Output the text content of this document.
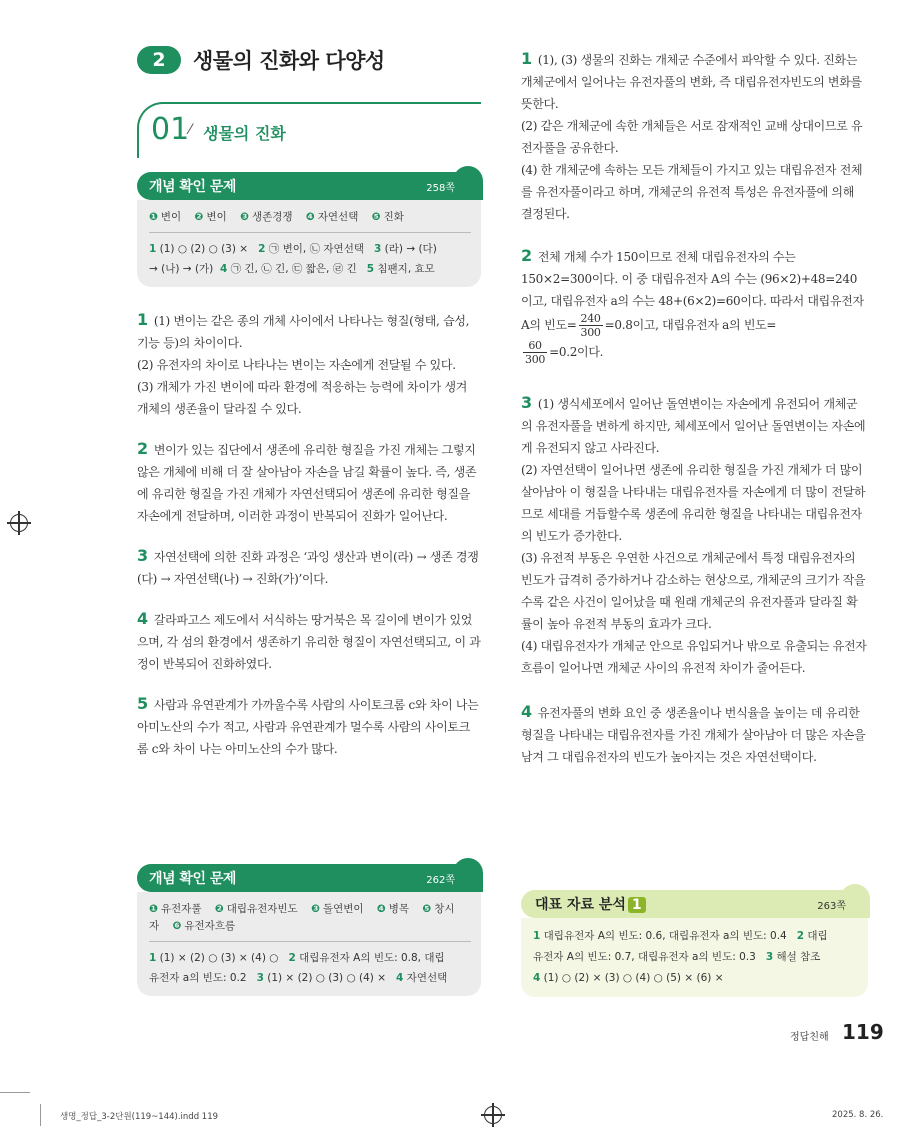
2	생물의 진화와 다양성
01 ⁄ 생물의 진화
개념 확인 문제	258쪽
❶ 변이 ❷ 변이 ❸ 생존경쟁 ❹ 자연선택 ❺ 진화
1 (1) ○ (2) ○ (3) × 2 ㉠ 변이, ㉡ 자연선택 3 (라) → (다)
→ (나) → (가) 4 ㉠ 긴, ㉡ 긴, ㉢ 짧은, ㉣ 긴 5 침팬지, 효모
1 (1) 변이는 같은 종의 개체 사이에서 나타나는 형질(형태, 습성, 기능 등)의 차이이다.
(2) 유전자의 차이로 나타나는 변이는 자손에게 전달될 수 있다.
(3) 개체가 가진 변이에 따라 환경에 적응하는 능력에 차이가 생겨 개체의 생존율이 달라질 수 있다.
2 변이가 있는 집단에서 생존에 유리한 형질을 가진 개체는 그렇지 않은 개체에 비해 더 잘 살아남아 자손을 남길 확률이 높다. 즉, 생존에 유리한 형질을 가진 개체가 자연선택되어 생존에 유리한 형질을 자손에게 전달하며, 이러한 과정이 반복되어 진화가 일어난다.
3 자연선택에 의한 진화 과정은 ‘과잉 생산과 변이(라) → 생존 경쟁(다) → 자연선택(나) → 진화(가)’이다.
4 갈라파고스 제도에서 서식하는 땅거북은 목 길이에 변이가 있었으며, 각 섬의 환경에서 생존하기 유리한 형질이 자연선택되고, 이 과정이 반복되어 진화하였다.
5 사람과 유연관계가 가까울수록 사람의 사이토크롬 c와 차이 나는 아미노산의 수가 적고, 사람과 유연관계가 멀수록 사람의 사이토크롬 c와 차이 나는 아미노산의 수가 많다.
개념 확인 문제	262쪽
❶ 유전자풀 ❷ 대립유전자빈도 ❸ 돌연변이 ❹ 병목 ❺ 창시자 ❻ 유전자흐름
1 (1) × (2) ○ (3) × (4) ○ 2 대립유전자 A의 빈도: 0.8, 대립
유전자 a의 빈도: 0.2 3 (1) × (2) ○ (3) ○ (4) × 4 자연선택
1 (1), (3) 생물의 진화는 개체군 수준에서 파악할 수 있다. 진화는 개체군에서 일어나는 유전자풀의 변화, 즉 대립유전자빈도의 변화를 뜻한다.
(2) 같은 개체군에 속한 개체들은 서로 잠재적인 교배 상대이므로 유전자풀을 공유한다.
(4) 한 개체군에 속하는 모든 개체들이 가지고 있는 대립유전자 전체를 유전자풀이라고 하며, 개체군의 유전적 특성은 유전자풀에 의해 결정된다.
2 전체 개체 수가 150이므로 전체 대립유전자의 수는 150×2=300이다. 이 중 대립유전자 A의 수는 (96×2)+48=240이고, 대립유전자 a의 수는 48+(6×2)=60이다. 따라서 대립유전자 A의 빈도= $\frac{240}{300} =0.8$이고, 대립유전자 a의 빈도=

$\frac{60}{300} =0.2$이다.
3 (1) 생식세포에서 일어난 돌연변이는 자손에게 유전되어 개체군의 유전자풀을 변하게 하지만, 체세포에서 일어난 돌연변이는 자손에게 유전되지 않고 사라진다.
(2) 자연선택이 일어나면 생존에 유리한 형질을 가진 개체가 더 많이 살아남아 이 형질을 나타내는 대립유전자를 자손에게 더 많이 전달하므로 세대를 거듭할수록 생존에 유리한 형질을 나타내는 대립유전자의 빈도가 증가한다.
(3) 유전적 부동은 우연한 사건으로 개체군에서 특정 대립유전자의 빈도가 급격히 증가하거나 감소하는 현상으로, 개체군의 크기가 작을수록 같은 사건이 일어났을 때 원래 개체군의 유전자풀과 달라질 확률이 높아 유전적 부동의 효과가 크다.
(4) 대립유전자가 개체군 안으로 유입되거나 밖으로 유출되는 유전자흐름이 일어나면 개체군 사이의 유전적 차이가 줄어든다.
4 유전자풀의 변화 요인 중 생존율이나 번식율을 높이는 데 유리한 형질을 나타내는 대립유전자를 가진 개체가 살아남아 더 많은 자손을 남겨 그 대립유전자의 빈도가 높아지는 것은 자연선택이다.
대표 자료 분석 1	263쪽
1 대립유전자 A의 빈도: 0.6, 대립유전자 a의 빈도: 0.4 2 대립
유전자 A의 빈도: 0.7, 대립유전자 a의 빈도: 0.3 3 해설 참조
4 (1) ○ (2) × (3) ○ (4) ○ (5) × (6) ×
정답친해 119
생명_정답_3-2단원(119~144).indd 119	2025. 8. 26.
